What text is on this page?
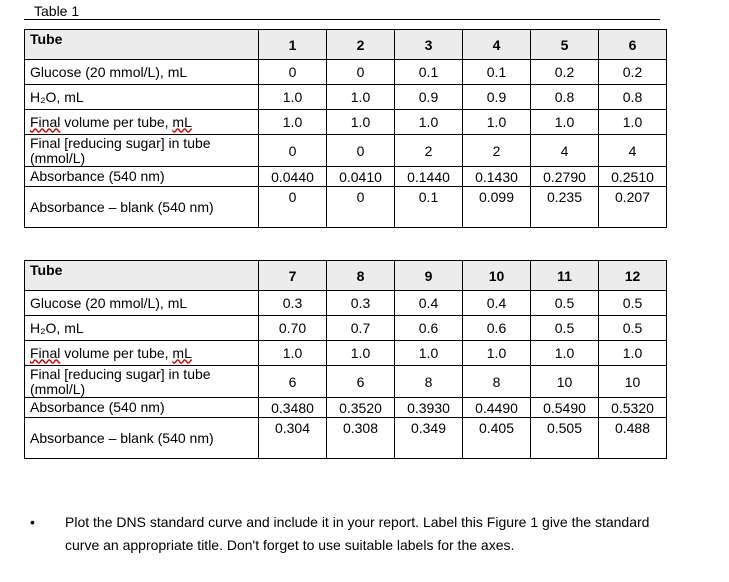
Table 1
Tube	1	2	3	4	5	6
Glucose (20 mmol/L), mL	0	0	0.1	0.1	0.2	0.2
H₂O, mL	1.0	1.0	0.9	0.9	0.8	0.8
Final volume per tube, mL	1.0	1.0	1.0	1.0	1.0	1.0
Final [reducing sugar] in tube (mmol/L)	0	0	2	2	4	4
Absorbance (540 nm)	0.0440	0.0410	0.1440	0.1430	0.2790	0.2510
Absorbance – blank (540 nm)	0	0	0.1	0.099	0.235	0.207
Tube	7	8	9	10	11	12
Glucose (20 mmol/L), mL	0.3	0.3	0.4	0.4	0.5	0.5
H₂O, mL	0.70	0.7	0.6	0.6	0.5	0.5
Final volume per tube, mL	1.0	1.0	1.0	1.0	1.0	1.0
Final [reducing sugar] in tube (mmol/L)	6	6	8	8	10	10
Absorbance (540 nm)	0.3480	0.3520	0.3930	0.4490	0.5490	0.5320
Absorbance – blank (540 nm)	0.304	0.308	0.349	0.405	0.505	0.488
• Plot the DNS standard curve and include it in your report. Label this Figure 1 give the standard curve an appropriate title. Don't forget to use suitable labels for the axes.
